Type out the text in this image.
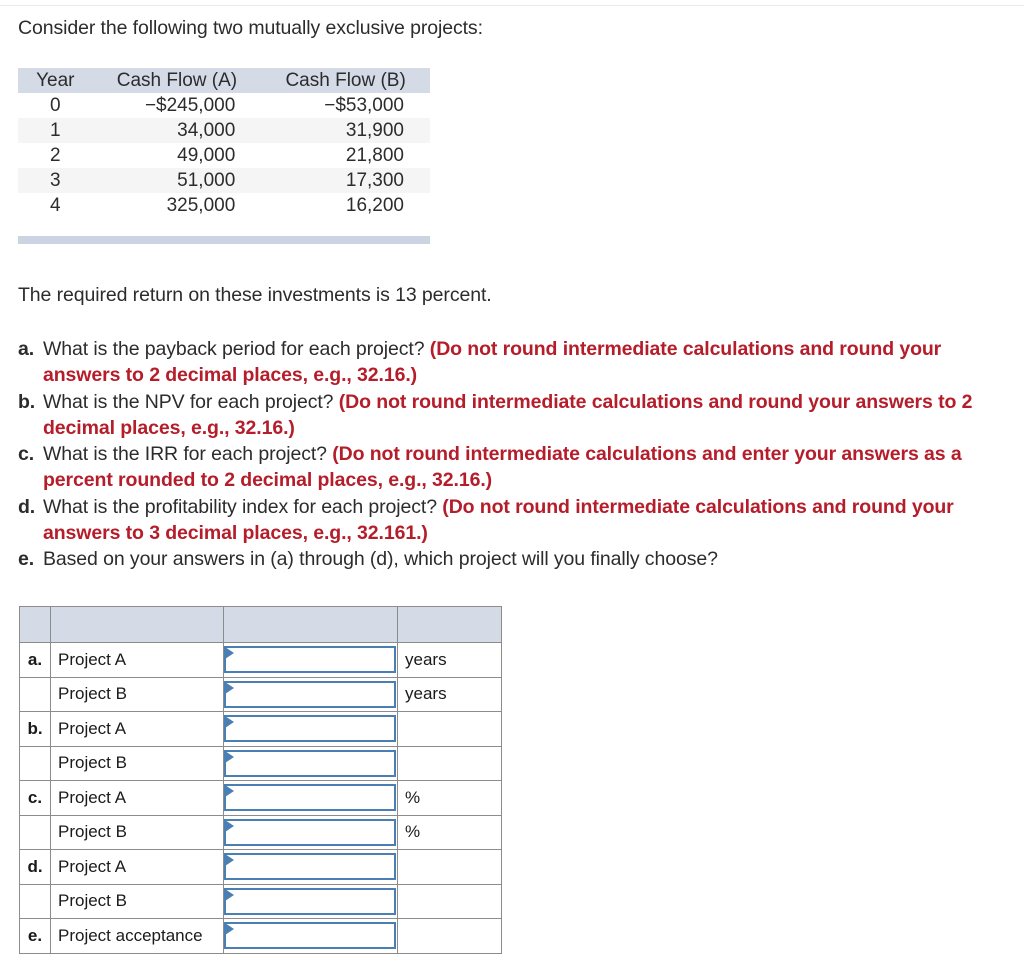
Consider the following two mutually exclusive projects:
Year	Cash Flow (A)	Cash Flow (B)
0	−$245,000	−$53,000
1	34,000	31,900
2	49,000	21,800
3	51,000	17,300
4	325,000	16,200
The required return on these investments is 13 percent.
a. What is the payback period for each project? (Do not round intermediate calculations and round your answers to 2 decimal places, e.g., 32.16.)
b. What is the NPV for each project? (Do not round intermediate calculations and round your answers to 2 decimal places, e.g., 32.16.)
c. What is the IRR for each project? (Do not round intermediate calculations and enter your answers as a percent rounded to 2 decimal places, e.g., 32.16.)
d. What is the profitability index for each project? (Do not round intermediate calculations and round your answers to 3 decimal places, e.g., 32.161.)
e. Based on your answers in (a) through (d), which project will you finally choose?

a.	Project A		years
	Project B		years
b.	Project A	

	Project B	

c.	Project A		%
	Project B		%
d.	Project A	

	Project B	

e.	Project acceptance	
